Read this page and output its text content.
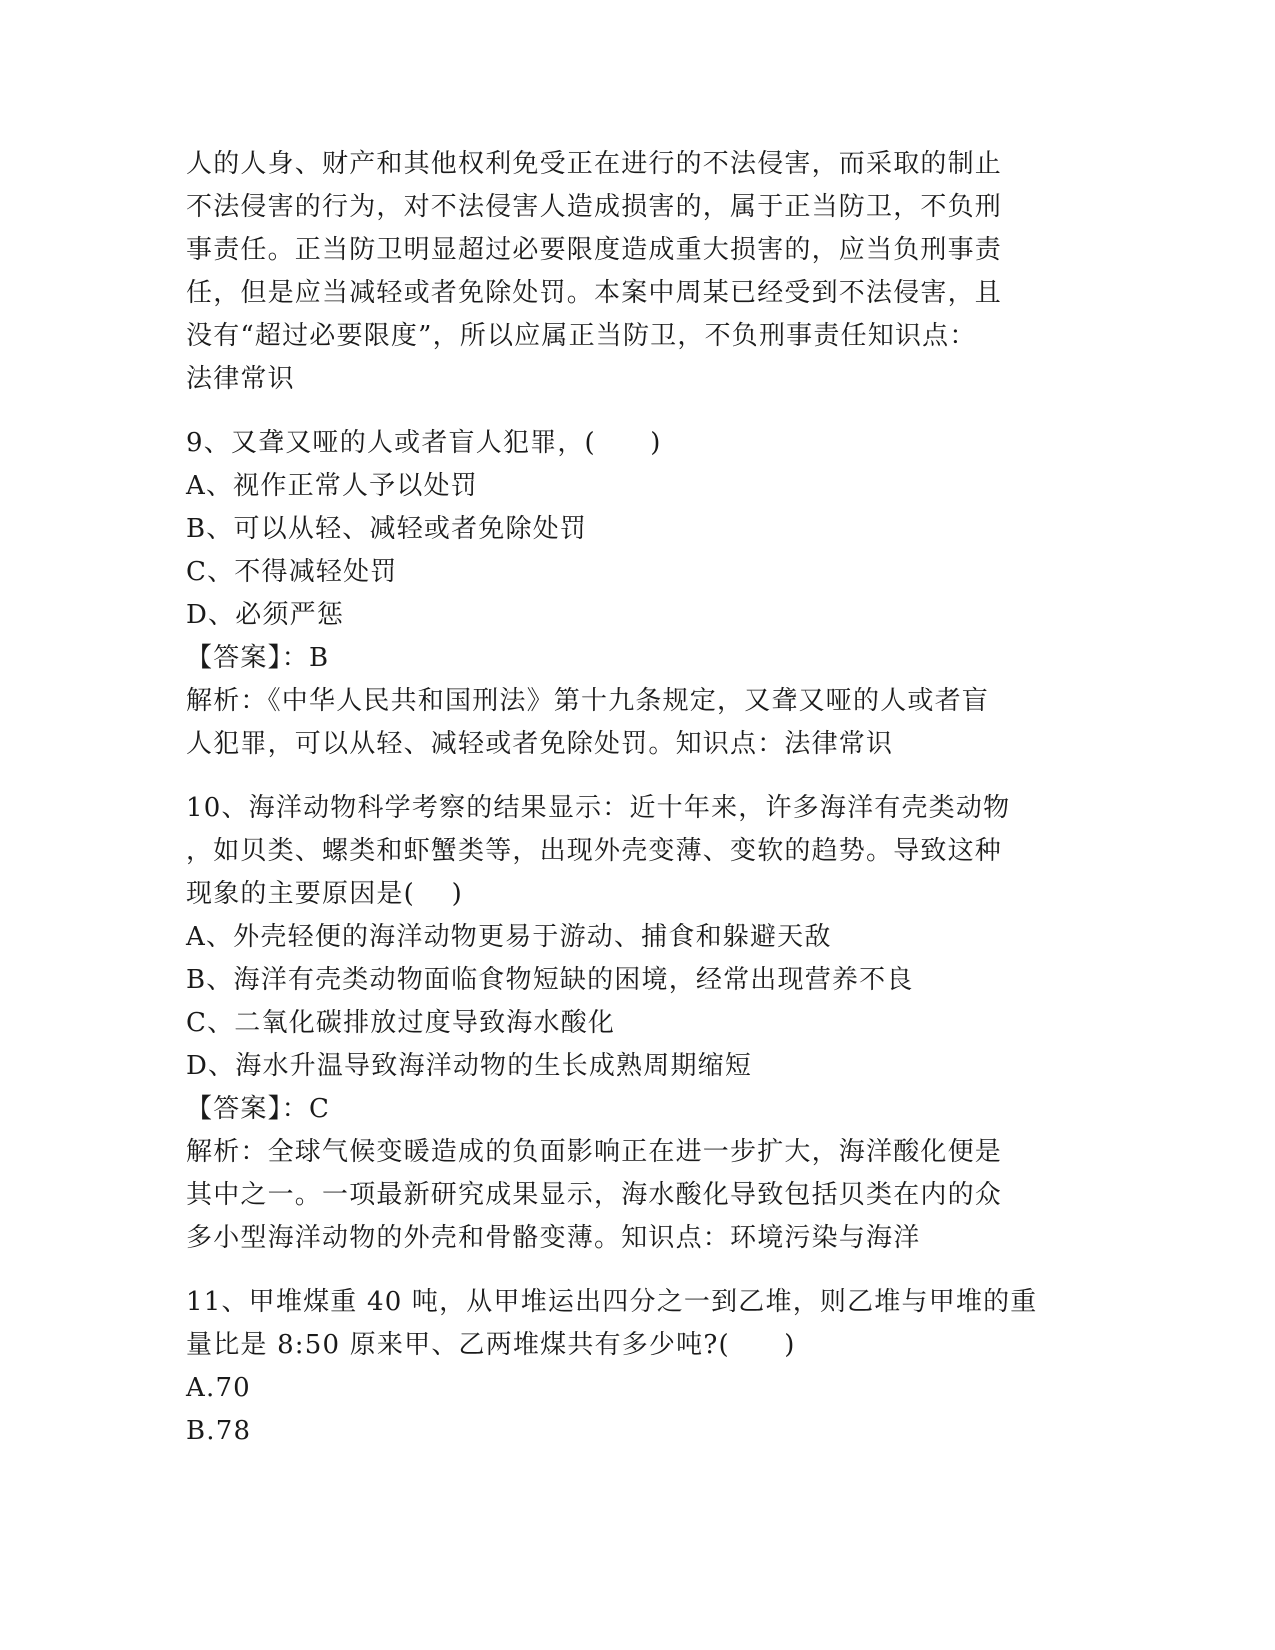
人的人身、财产和其他权利免受正在进行的不法侵害，而采取的制止
不法侵害的行为，对不法侵害人造成损害的，属于正当防卫，不负刑
事责任。正当防卫明显超过必要限度造成重大损害的，应当负刑事责
任，但是应当减轻或者免除处罚。本案中周某已经受到不法侵害，且
没有“超过必要限度”，所以应属正当防卫，不负刑事责任知识点：
法律常识
9、又聋又哑的人或者盲人犯罪，(　　)
A、视作正常人予以处罚
B、可以从轻、减轻或者免除处罚
C、不得减轻处罚
D、必须严惩
【答案】：B
解析：《中华人民共和国刑法》第十九条规定，又聋又哑的人或者盲
人犯罪，可以从轻、减轻或者免除处罚。知识点：法律常识
10、海洋动物科学考察的结果显示：近十年来，许多海洋有壳类动物
，如贝类、螺类和虾蟹类等，出现外壳变薄、变软的趋势。导致这种
现象的主要原因是(　 )
A、外壳轻便的海洋动物更易于游动、捕食和躲避天敌
B、海洋有壳类动物面临食物短缺的困境，经常出现营养不良
C、二氧化碳排放过度导致海水酸化
D、海水升温导致海洋动物的生长成熟周期缩短
【答案】：C
解析：全球气候变暖造成的负面影响正在进一步扩大，海洋酸化便是
其中之一。一项最新研究成果显示，海水酸化导致包括贝类在内的众
多小型海洋动物的外壳和骨骼变薄。知识点：环境污染与海洋
11、甲堆煤重 40 吨，从甲堆运出四分之一到乙堆，则乙堆与甲堆的重
量比是 8:50 原来甲、乙两堆煤共有多少吨?(　　)
A.70
B.78
